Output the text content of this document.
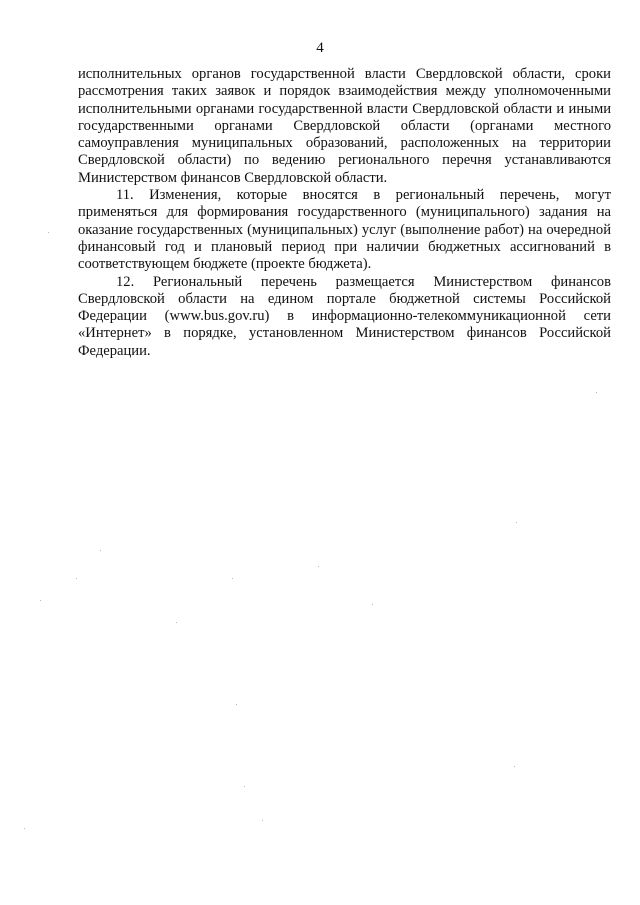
4

исполнительных органов государственной власти Свердловской области, сроки рассмотрения таких заявок и порядок взаимодействия между уполномоченными исполнительными органами государственной власти Свердловской области и иными государственными органами Свердловской области (органами местного самоуправления муниципальных образований, расположенных на территории Свердловской области) по ведению регионального перечня устанавливаются Министерством финансов Свердловской области.

11. Изменения, которые вносятся в региональный перечень, могут применяться для формирования государственного (муниципального) задания на оказание государственных (муниципальных) услуг (выполнение работ) на очередной финансовый год и плановый период при наличии бюджетных ассигнований в соответствующем бюджете (проекте бюджета).

12. Региональный перечень размещается Министерством финансов Свердловской области на едином портале бюджетной системы Российской Федерации (www.bus.gov.ru) в информационно-телекоммуникационной сети «Интернет» в порядке, установленном Министерством финансов Российской Федерации.
